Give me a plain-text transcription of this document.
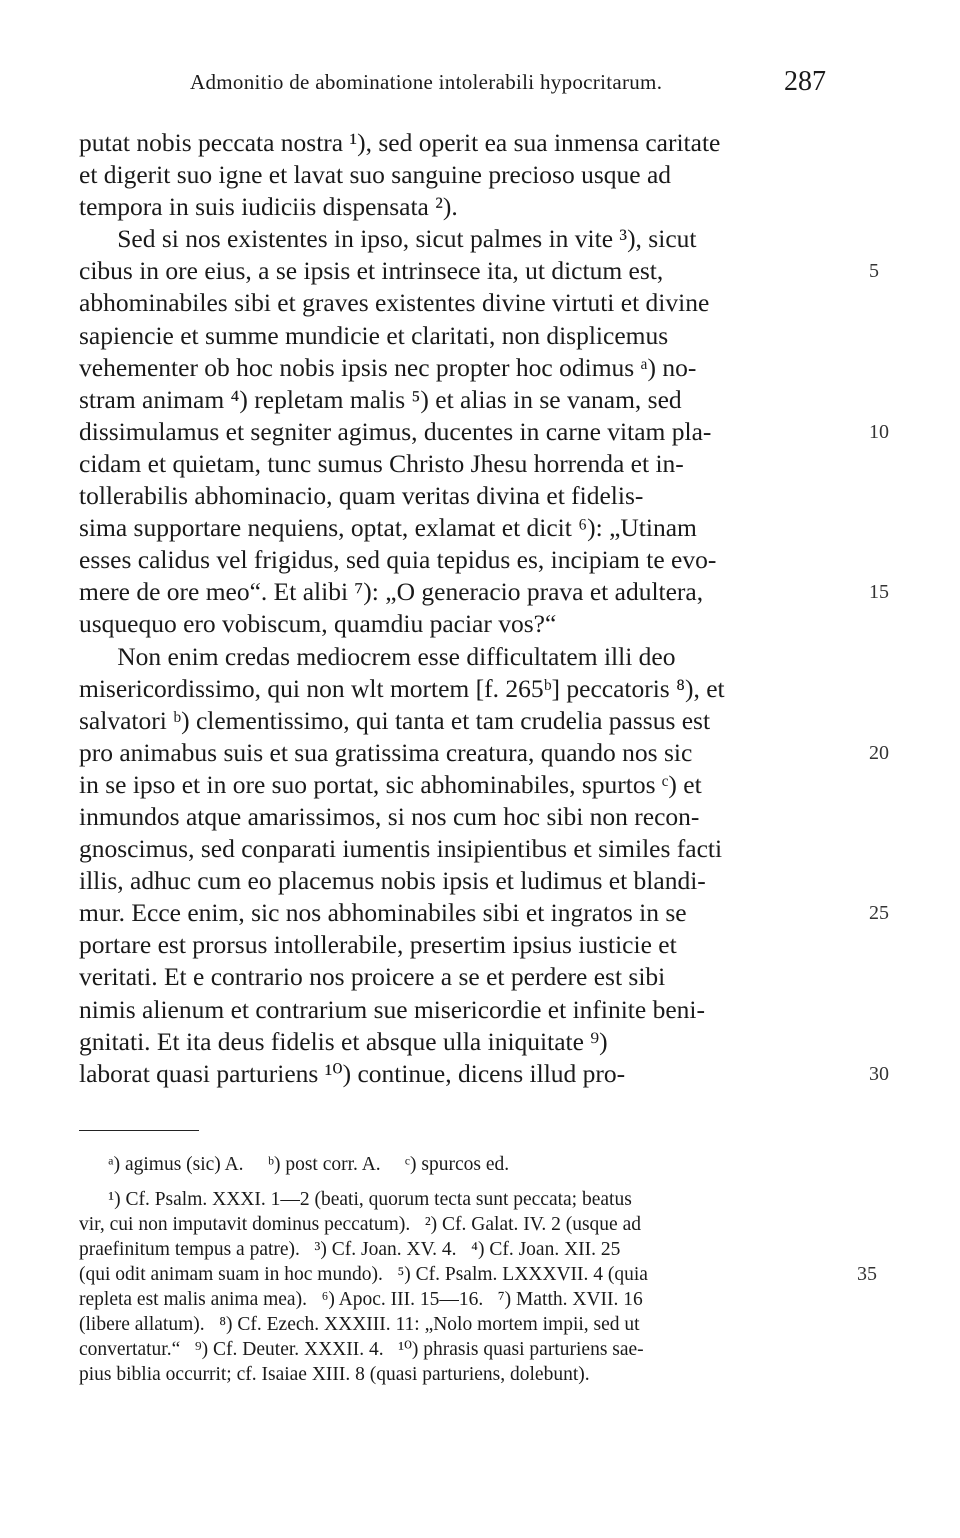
Admonitio de abominatione intolerabili hypocritarum.	287
putat nobis peccata nostra ¹), sed operit ea sua inmensa caritate
et digerit suo igne et lavat suo sanguine precioso usque ad
tempora in suis iudiciis dispensata ²).
Sed si nos existentes in ipso, sicut palmes in vite ³), sicut
cibus in ore eius, a se ipsis et intrinsece ita, ut dictum est,	5
abhominabiles sibi et graves existentes divine virtuti et divine
sapiencie et summe mundicie et claritati, non displicemus
vehementer ob hoc nobis ipsis nec propter hoc odimus ᵃ) no-
stram animam ⁴) repletam malis ⁵) et alias in se vanam, sed
dissimulamus et segniter agimus, ducentes in carne vitam pla-	10
cidam et quietam, tunc sumus Christo Jhesu horrenda et in-
tollerabilis abhominacio, quam veritas divina et fidelis-
sima supportare nequiens, optat, exlamat et dicit ⁶): „Utinam
esses calidus vel frigidus, sed quia tepidus es, incipiam te evo-
mere de ore meo“. Et alibi ⁷): „O generacio prava et adultera,	15
usquequo ero vobiscum, quamdiu paciar vos?“
Non enim credas mediocrem esse difficultatem illi deo
misericordissimo, qui non wlt mortem [f. 265ᵇ] peccatoris ⁸), et
salvatori ᵇ) clementissimo, qui tanta et tam crudelia passus est
pro animabus suis et sua gratissima creatura, quando nos sic	20
in se ipso et in ore suo portat, sic abhominabiles, spurtos ᶜ) et
inmundos atque amarissimos, si nos cum hoc sibi non recon-
gnoscimus, sed conparati iumentis insipientibus et similes facti
illis, adhuc cum eo placemus nobis ipsis et ludimus et blandi-
mur. Ecce enim, sic nos abhominabiles sibi et ingratos in se	25
portare est prorsus intollerabile, presertim ipsius iusticie et
veritati. Et e contrario nos proicere a se et perdere est sibi
nimis alienum et contrarium sue misericordie et infinite beni-
gnitati. Et ita deus fidelis et absque ulla iniquitate ⁹)
laborat quasi parturiens ¹⁰) continue, dicens illud pro-	30
ᵃ) agimus (sic) A.     ᵇ) post corr. A.     ᶜ) spurcos ed.
¹) Cf. Psalm. XXXI. 1—2 (beati, quorum tecta sunt peccata; beatus
vir, cui non imputavit dominus peccatum).   ²) Cf. Galat. IV. 2 (usque ad
praefinitum tempus a patre).   ³) Cf. Joan. XV. 4.   ⁴) Cf. Joan. XII. 25
(qui odit animam suam in hoc mundo).   ⁵) Cf. Psalm. LXXXVII. 4 (quia	35
repleta est malis anima mea).   ⁶) Apoc. III. 15—16.   ⁷) Matth. XVII. 16
(libere allatum).   ⁸) Cf. Ezech. XXXIII. 11: „Nolo mortem impii, sed ut
convertatur.“   ⁹) Cf. Deuter. XXXII. 4.   ¹⁰) phrasis quasi parturiens sae-
pius biblia occurrit; cf. Isaiae XIII. 8 (quasi parturiens, dolebunt).
